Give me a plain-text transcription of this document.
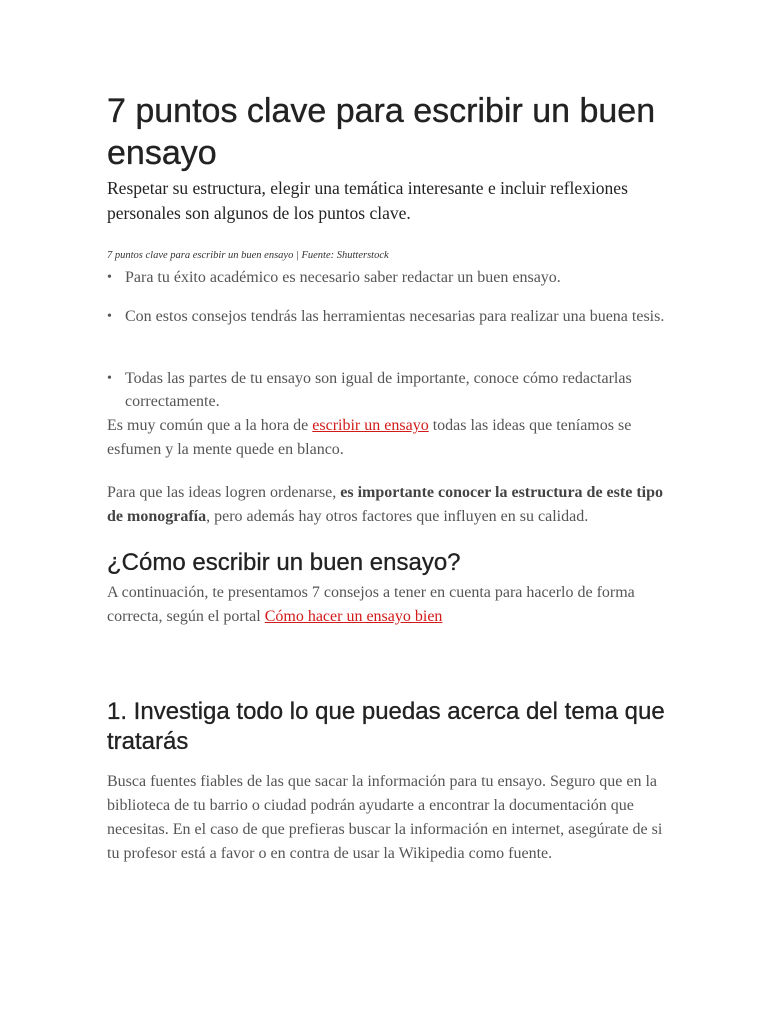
7 puntos clave para escribir un buen ensayo

Respetar su estructura, elegir una temática interesante e incluir reflexiones personales son algunos de los puntos clave.

7 puntos clave para escribir un buen ensayo | Fuente: Shutterstock

• Para tu éxito académico es necesario saber redactar un buen ensayo.
• Con estos consejos tendrás las herramientas necesarias para realizar una buena tesis.
• Todas las partes de tu ensayo son igual de importante, conoce cómo redactarlas correctamente.

Es muy común que a la hora de escribir un ensayo todas las ideas que teníamos se esfumen y la mente quede en blanco.

Para que las ideas logren ordenarse, es importante conocer la estructura de este tipo de monografía, pero además hay otros factores que influyen en su calidad.

¿Cómo escribir un buen ensayo?

A continuación, te presentamos 7 consejos a tener en cuenta para hacerlo de forma correcta, según el portal Cómo hacer un ensayo bien

1. Investiga todo lo que puedas acerca del tema que tratarás

Busca fuentes fiables de las que sacar la información para tu ensayo. Seguro que en la biblioteca de tu barrio o ciudad podrán ayudarte a encontrar la documentación que necesitas. En el caso de que prefieras buscar la información en internet, asegúrate de si tu profesor está a favor o en contra de usar la Wikipedia como fuente.
